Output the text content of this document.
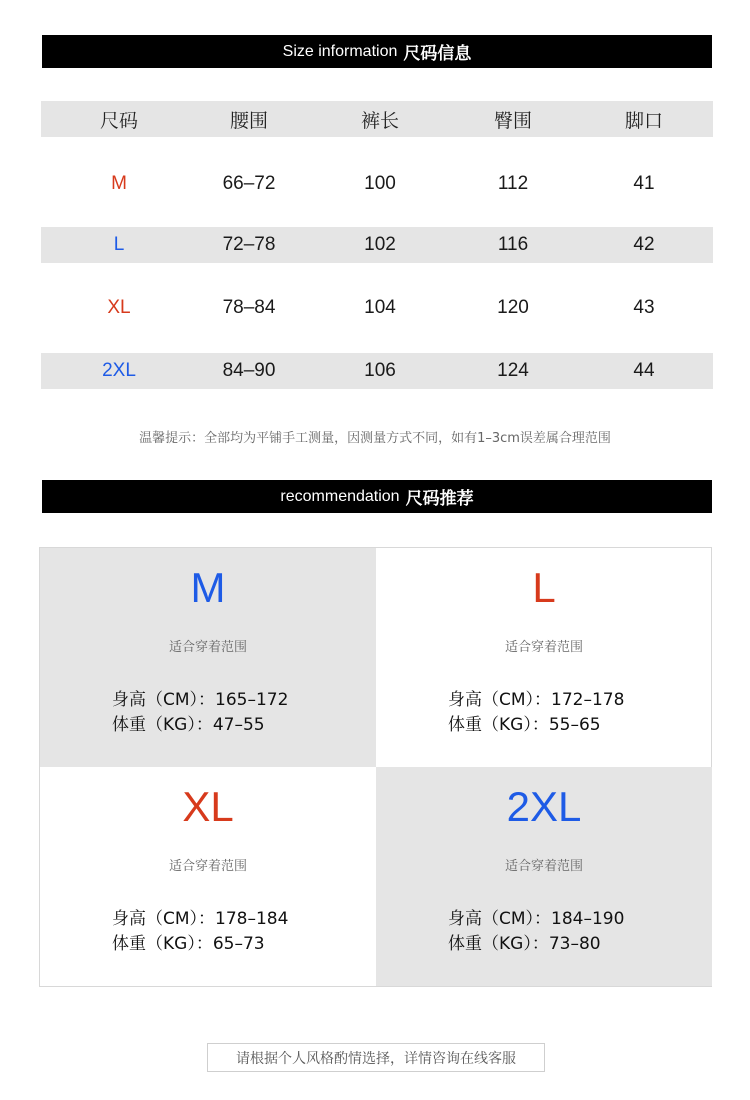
Size information 尺码信息
尺码	腰围	裤长	臀围	脚口
M	66–72	100	112	41
L	72–78	102	116	42
XL	78–84	104	120	43
2XL	84–90	106	124	44
温馨提示：全部均为平铺手工测量，因测量方式不同，如有1–3cm误差属合理范围
recommendation 尺码推荐
M
适合穿着范围
身高（CM）：165–172
体重（KG）：47–55
L
适合穿着范围
身高（CM）：172–178
体重（KG）：55–65
XL
适合穿着范围
身高（CM）：178–184
体重（KG）：65–73
2XL
适合穿着范围
身高（CM）：184–190
体重（KG）：73–80
请根据个人风格酌情选择，详情咨询在线客服
